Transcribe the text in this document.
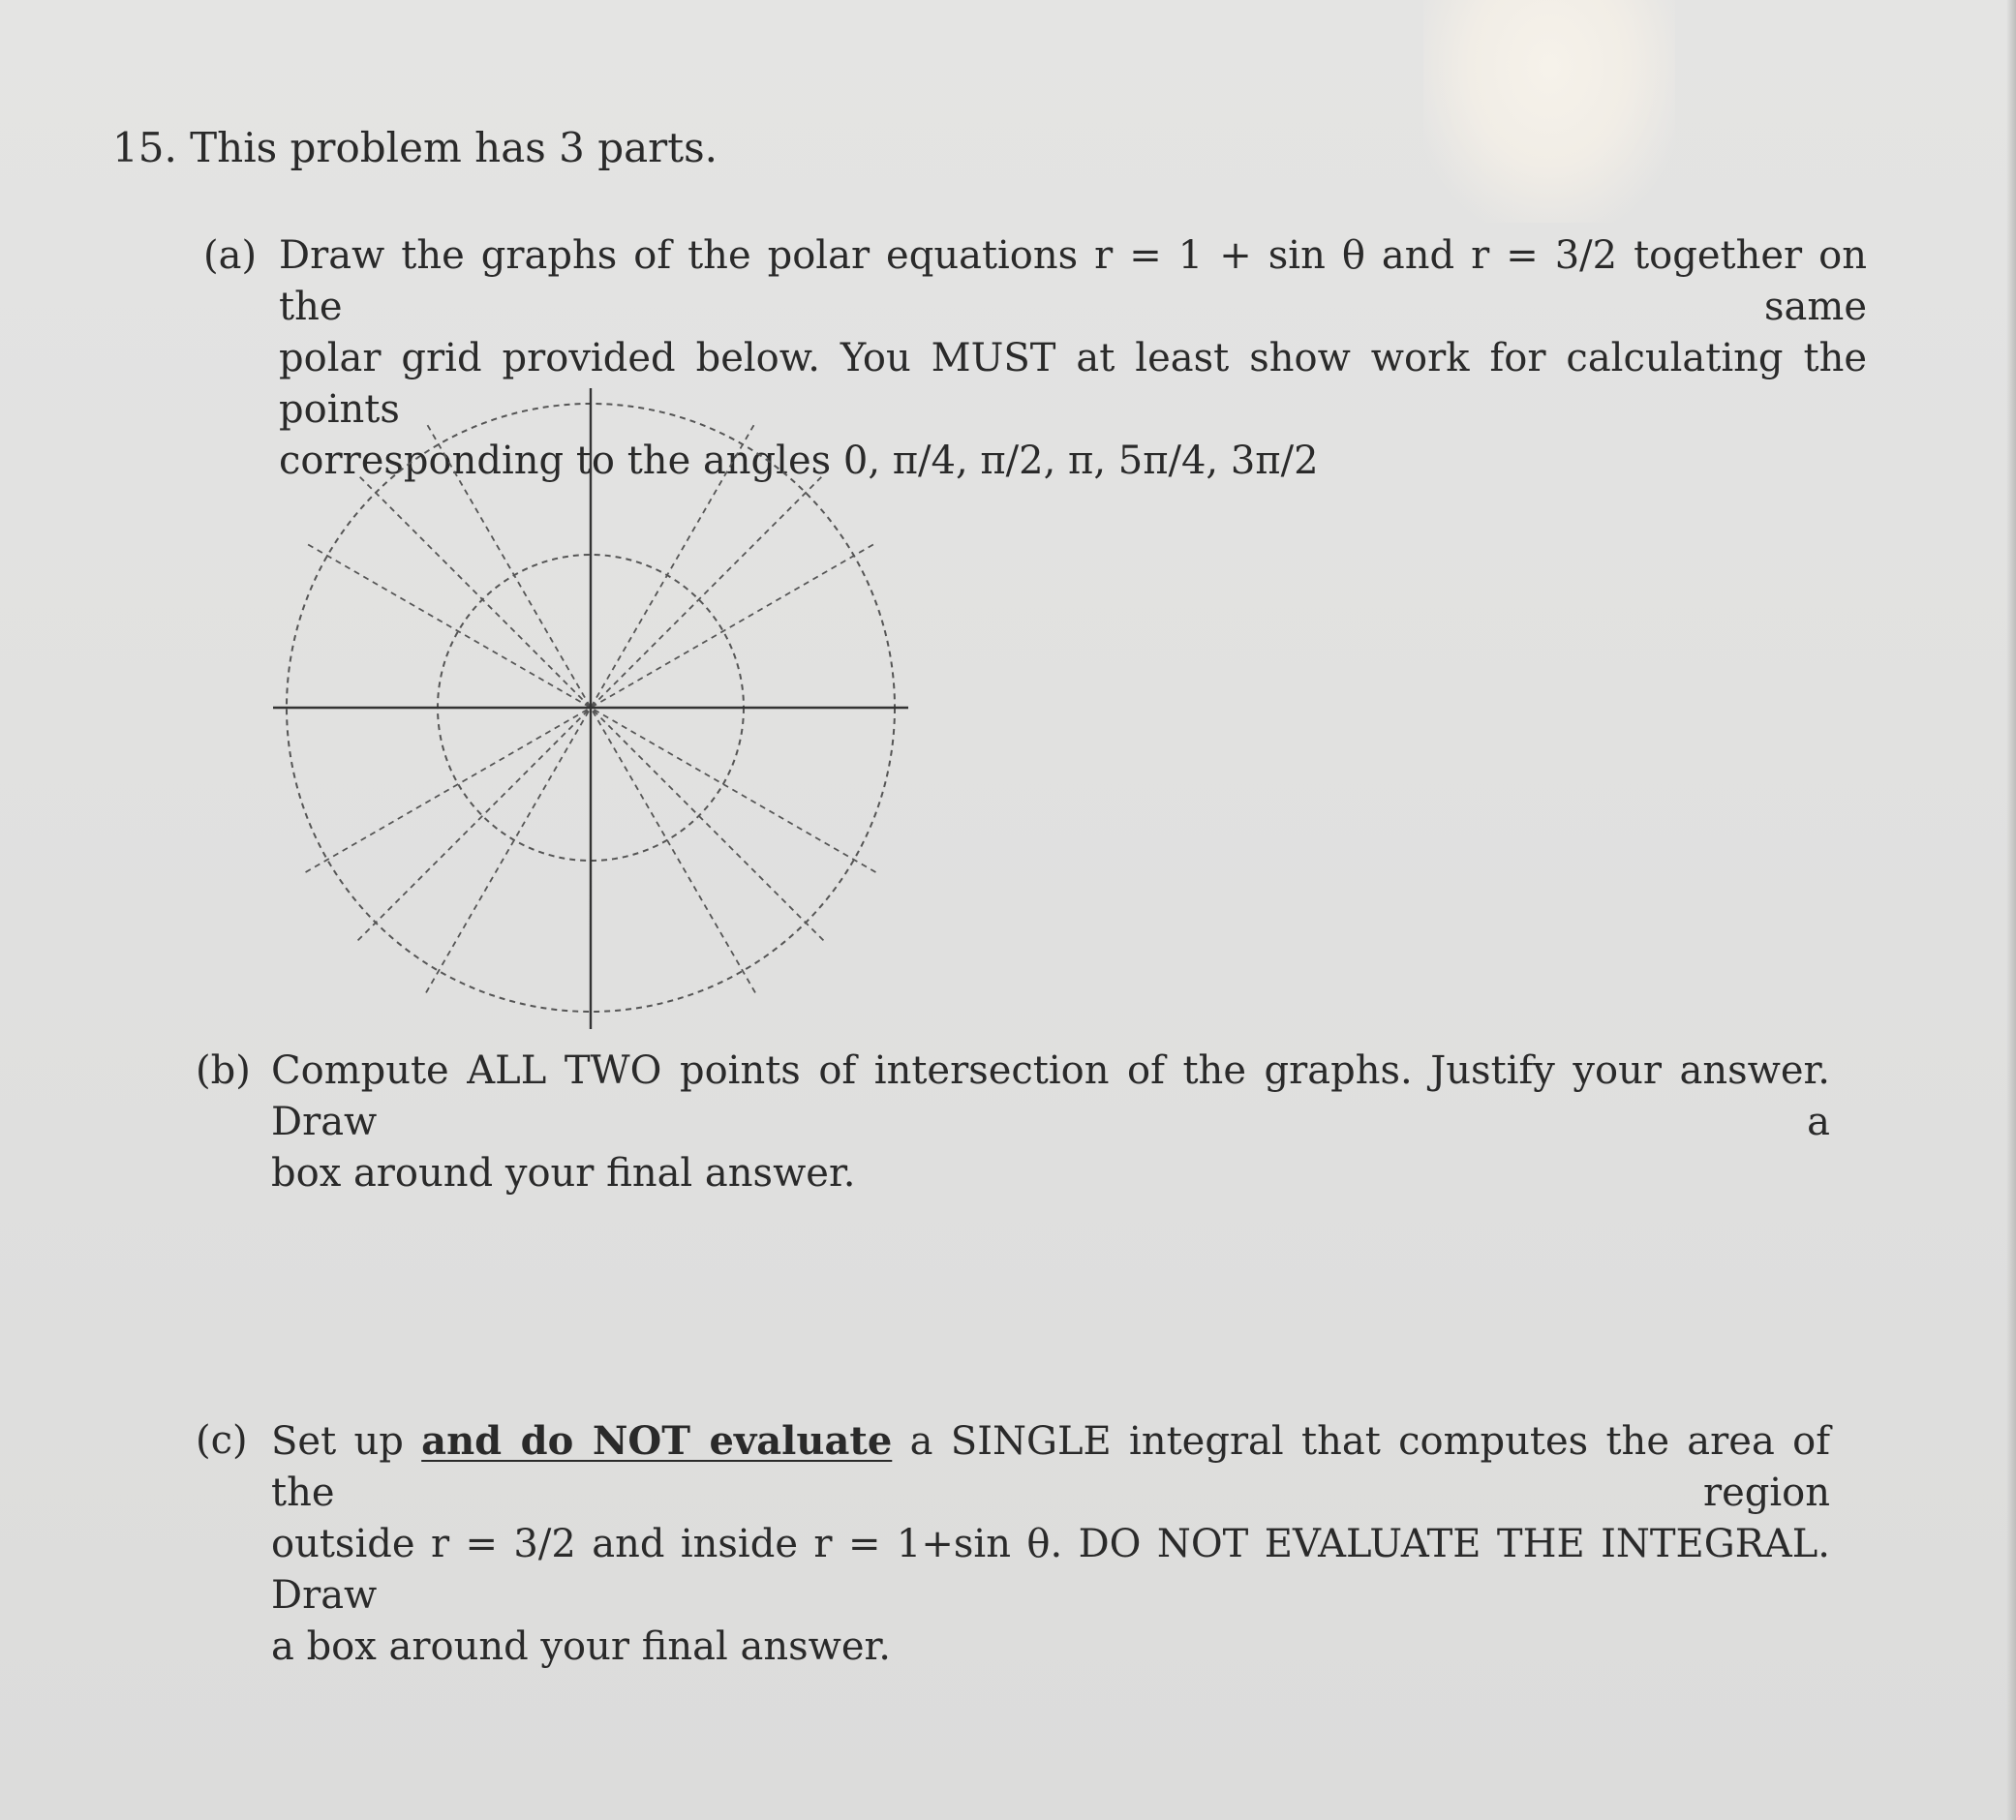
15. This problem has 3 parts.
(a) Draw the graphs of the polar equations r = 1 + sin θ and r = 3/2 together on the same
polar grid provided below. You MUST at least show work for calculating the points
corresponding to the angles 0, π/4, π/2, π, 5π/4, 3π/2
(b) Compute ALL TWO points of intersection of the graphs. Justify your answer. Draw a
box around your final answer.
(c) Set up and do NOT evaluate a SINGLE integral that computes the area of the region
outside r = 3/2 and inside r = 1+sin θ. DO NOT EVALUATE THE INTEGRAL. Draw
a box around your final answer.
